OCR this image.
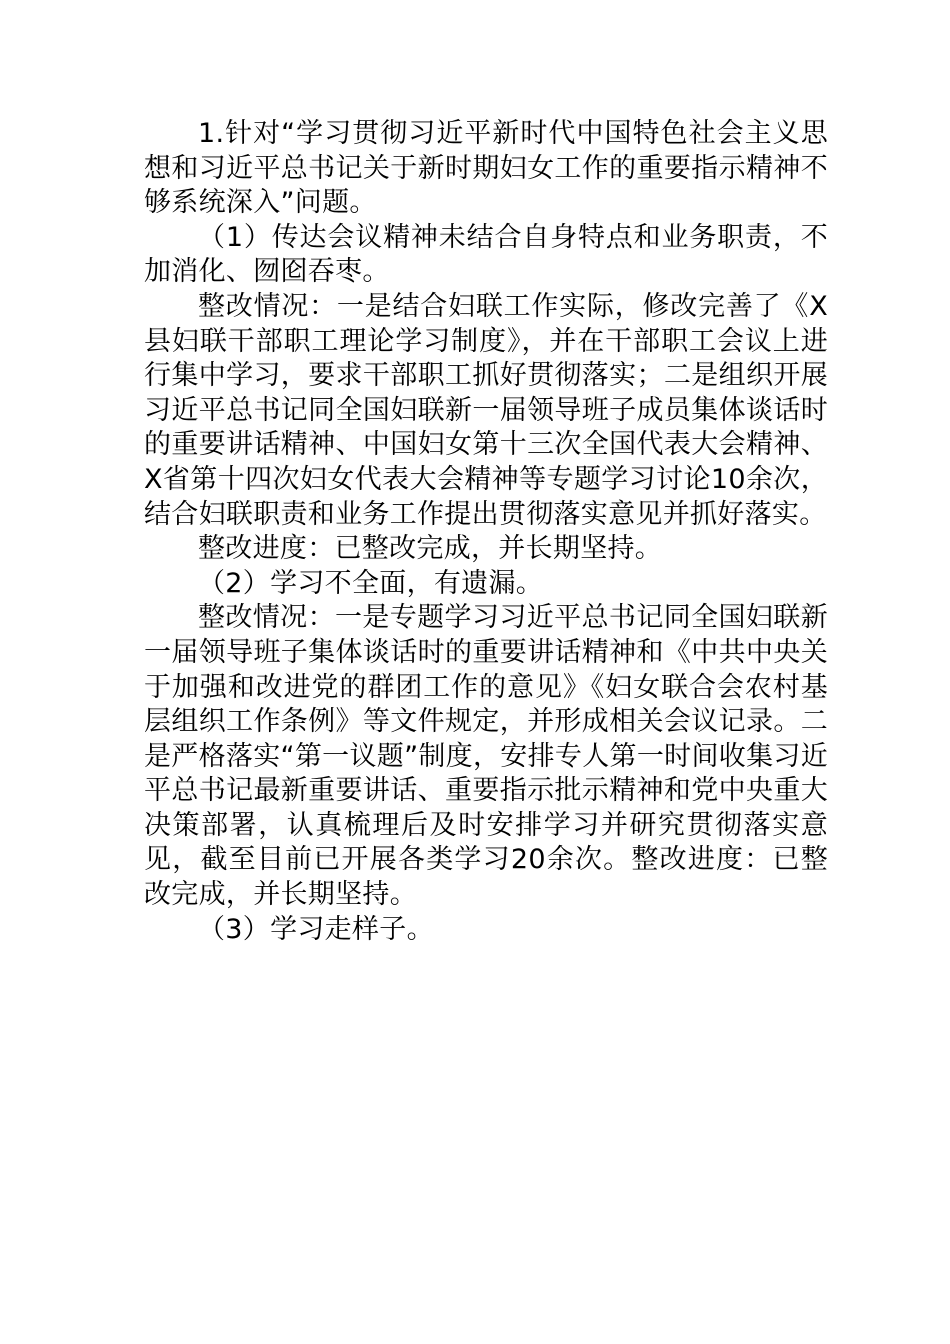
1.针对“学习贯彻习近平新时代中国特色社会主义思想和习近平总书记关于新时期妇女工作的重要指示精神不够系统深入”问题。

（1）传达会议精神未结合自身特点和业务职责，不加消化、囫囵吞枣。

整改情况：一是结合妇联工作实际，修改完善了《X县妇联干部职工理论学习制度》，并在干部职工会议上进行集中学习，要求干部职工抓好贯彻落实；二是组织开展习近平总书记同全国妇联新一届领导班子成员集体谈话时的重要讲话精神、中国妇女第十三次全国代表大会精神、X省第十四次妇女代表大会精神等专题学习讨论10余次，结合妇联职责和业务工作提出贯彻落实意见并抓好落实。

整改进度：已整改完成，并长期坚持。

（2）学习不全面，有遗漏。

整改情况：一是专题学习习近平总书记同全国妇联新一届领导班子集体谈话时的重要讲话精神和《中共中央关于加强和改进党的群团工作的意见》《妇女联合会农村基层组织工作条例》等文件规定，并形成相关会议记录。二是严格落实“第一议题”制度，安排专人第一时间收集习近平总书记最新重要讲话、重要指示批示精神和党中央重大决策部署，认真梳理后及时安排学习并研究贯彻落实意见，截至目前已开展各类学习20余次。整改进度：已整改完成，并长期坚持。

（3）学习走样子。
